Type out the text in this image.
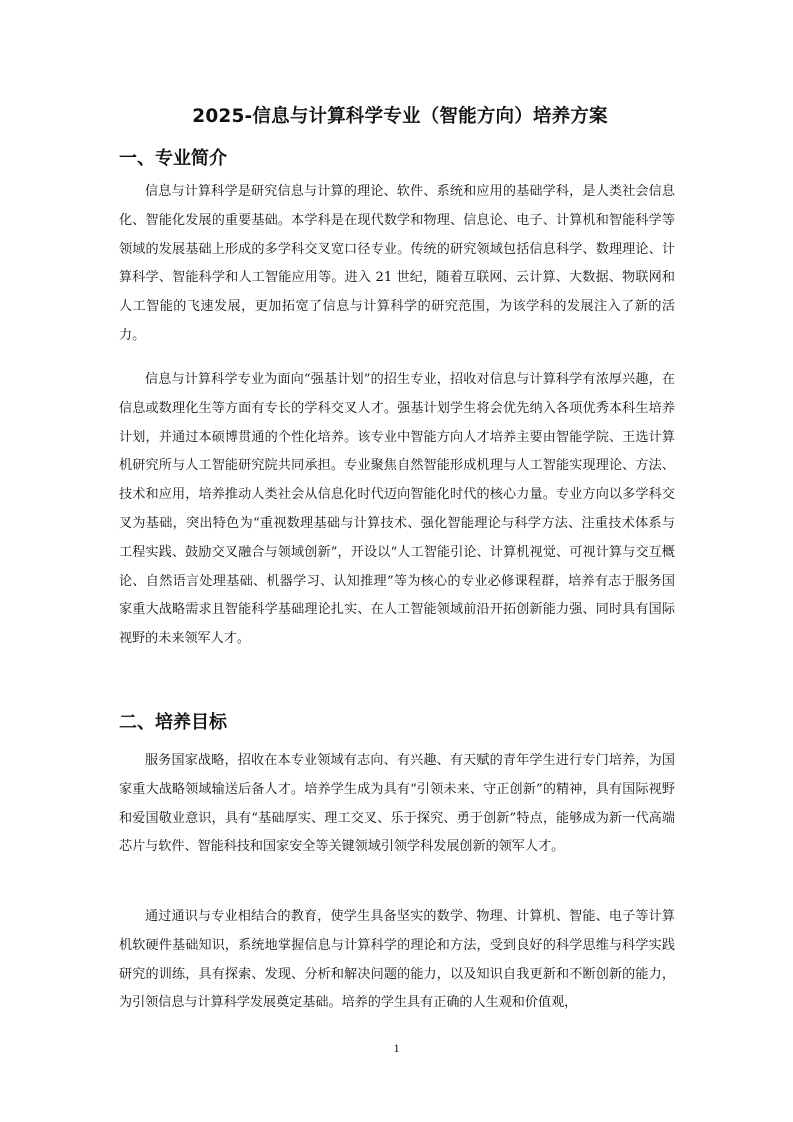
2025-信息与计算科学专业（智能方向）培养方案
一、专业简介

信息与计算科学是研究信息与计算的理论、软件、系统和应用的基础学科，是人类社会信息化、智能化发展的重要基础。本学科是在现代数学和物理、信息论、电子、计算机和智能科学等领域的发展基础上形成的多学科交叉宽口径专业。传统的研究领域包括信息科学、数理理论、计算科学、智能科学和人工智能应用等。进入 21 世纪，随着互联网、云计算、大数据、物联网和人工智能的飞速发展，更加拓宽了信息与计算科学的研究范围，为该学科的发展注入了新的活力。

信息与计算科学专业为面向“强基计划”的招生专业，招收对信息与计算科学有浓厚兴趣，在信息或数理化生等方面有专长的学科交叉人才。强基计划学生将会优先纳入各项优秀本科生培养计划，并通过本硕博贯通的个性化培养。该专业中智能方向人才培养主要由智能学院、王选计算机研究所与人工智能研究院共同承担。专业聚焦自然智能形成机理与人工智能实现理论、方法、技术和应用，培养推动人类社会从信息化时代迈向智能化时代的核心力量。专业方向以多学科交叉为基础，突出特色为“重视数理基础与计算技术、强化智能理论与科学方法、注重技术体系与工程实践、鼓励交叉融合与领域创新”，开设以“人工智能引论、计算机视觉、可视计算与交互概论、自然语言处理基础、机器学习、认知推理”等为核心的专业必修课程群，培养有志于服务国家重大战略需求且智能科学基础理论扎实、在人工智能领域前沿开拓创新能力强、同时具有国际视野的未来领军人才。

二、培养目标

服务国家战略，招收在本专业领域有志向、有兴趣、有天赋的青年学生进行专门培养，为国家重大战略领域输送后备人才。培养学生成为具有“引领未来、守正创新”的精神，具有国际视野和爱国敬业意识，具有“基础厚实、理工交叉、乐于探究、勇于创新”特点，能够成为新一代高端芯片与软件、智能科技和国家安全等关键领域引领学科发展创新的领军人才。

通过通识与专业相结合的教育，使学生具备坚实的数学、物理、计算机、智能、电子等计算机软硬件基础知识，系统地掌握信息与计算科学的理论和方法，受到良好的科学思维与科学实践研究的训练，具有探索、发现、分析和解决问题的能力，以及知识自我更新和不断创新的能力，为引领信息与计算科学发展奠定基础。培养的学生具有正确的人生观和价值观，

1
